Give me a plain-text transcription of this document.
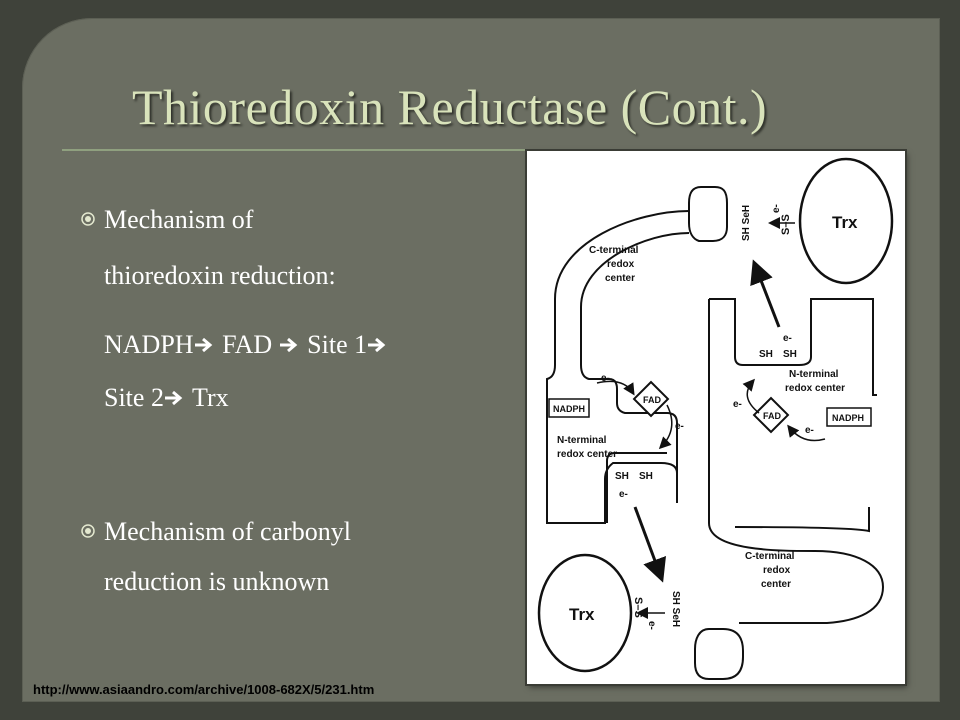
Thioredoxin Reductase (Cont.)
Mechanism of
thioredoxin reduction:
NADPH FAD Site 1
Site 2 Trx
Mechanism of carbonyl
reduction is unknown
Trx
Trx
NADPH
NADPH
FAD
FAD
e-
e-	e-
e-
C-terminal
redox
center
SH SeH	S–S
e-
e-
SH SH
N-terminal
redox center
N-terminal
redox center
SH SH
e-
C-terminal
redox
center
SH SeH
S–S
e-
http://www.asiaandro.com/archive/1008-682X/5/231.htm
